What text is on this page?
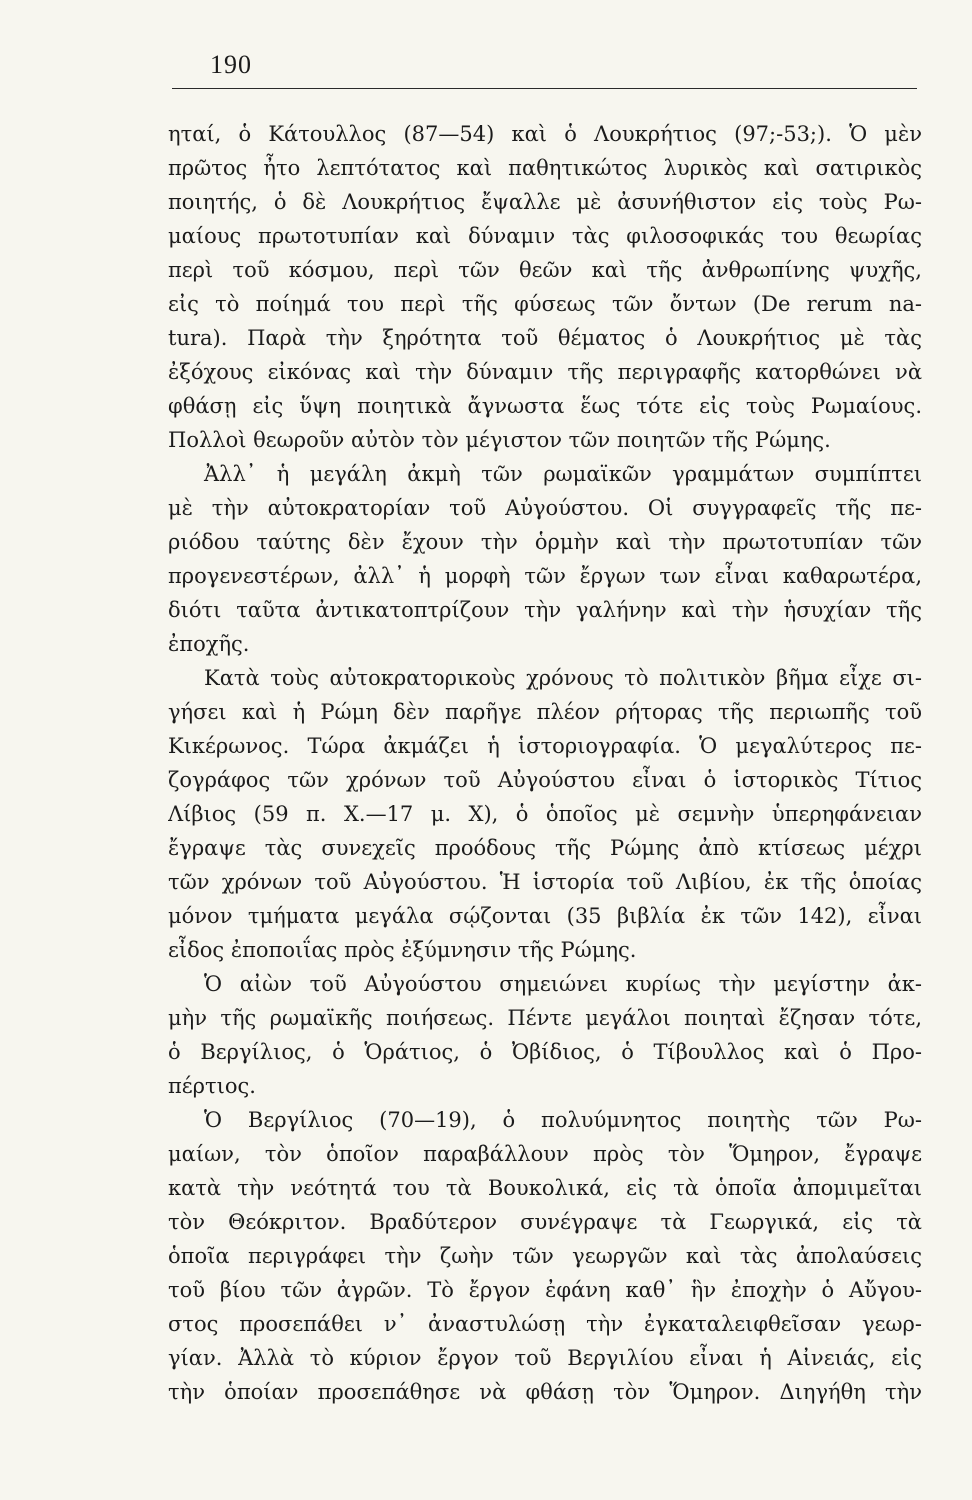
190
ηταί, ὁ Κάτουλλος (87—54) καὶ ὁ Λουκρήτιος (97;-53;). Ὁ μὲν
πρῶτος ἦτο λεπτότατος καὶ παθητικώτος λυρικὸς καὶ σατιρικὸς
ποιητής, ὁ δὲ Λουκρήτιος ἔψαλλε μὲ ἀσυνήθιστον εἰς τοὺς Ρω-
μαίους πρωτοτυπίαν καὶ δύναμιν τὰς φιλοσοφικάς του θεωρίας
περὶ τοῦ κόσμου, περὶ τῶν θεῶν καὶ τῆς ἀνθρωπίνης ψυχῆς,
εἰς τὸ ποίημά του περὶ τῆς φύσεως τῶν ὄντων (De rerum na-
tura). Παρὰ τὴν ξηρότητα τοῦ θέματος ὁ Λουκρήτιος μὲ τὰς
ἐξόχους εἰκόνας καὶ τὴν δύναμιν τῆς περιγραφῆς κατορθώνει νὰ
φθάσῃ εἰς ὕψη ποιητικὰ ἄγνωστα ἕως τότε εἰς τοὺς Ρωμαίους.
Πολλοὶ θεωροῦν αὐτὸν τὸν μέγιστον τῶν ποιητῶν τῆς Ρώμης.
Ἀλλ᾽ ἡ μεγάλη ἀκμὴ τῶν ρωμαϊκῶν γραμμάτων συμπίπτει
μὲ τὴν αὐτοκρατορίαν τοῦ Αὐγούστου. Οἱ συγγραφεῖς τῆς πε-
ριόδου ταύτης δὲν ἔχουν τὴν ὁρμὴν καὶ τὴν πρωτοτυπίαν τῶν
προγενεστέρων, ἀλλ᾽ ἡ μορφὴ τῶν ἔργων των εἶναι καθαρωτέρα,
διότι ταῦτα ἀντικατοπτρίζουν τὴν γαλήνην καὶ τὴν ἡσυχίαν τῆς
ἐποχῆς.
Κατὰ τοὺς αὐτοκρατορικοὺς χρόνους τὸ πολιτικὸν βῆμα εἶχε σι-
γήσει καὶ ἡ Ρώμη δὲν παρῆγε πλέον ρήτορας τῆς περιωπῆς τοῦ
Κικέρωνος. Τώρα ἀκμάζει ἡ ἱστοριογραφία. Ὁ μεγαλύτερος πε-
ζογράφος τῶν χρόνων τοῦ Αὐγούστου εἶναι ὁ ἱστορικὸς Τίτιος
Λίβιος (59 π. Χ.—17 μ. Χ), ὁ ὁποῖος μὲ σεμνὴν ὑπερηφάνειαν
ἔγραψε τὰς συνεχεῖς προόδους τῆς Ρώμης ἀπὸ κτίσεως μέχρι
τῶν χρόνων τοῦ Αὐγούστου. Ἡ ἱστορία τοῦ Λιβίου, ἐκ τῆς ὁποίας
μόνον τμήματα μεγάλα σῴζονται (35 βιβλία ἐκ τῶν 142), εἶναι
εἶδος ἐποποιΐας πρὸς ἐξύμνησιν τῆς Ρώμης.
Ὁ αἰὼν τοῦ Αὐγούστου σημειώνει κυρίως τὴν μεγίστην ἀκ-
μὴν τῆς ρωμαϊκῆς ποιήσεως. Πέντε μεγάλοι ποιηταὶ ἔζησαν τότε,
ὁ Βεργίλιος, ὁ Ὁράτιος, ὁ Ὀβίδιος, ὁ Τίβουλλος καὶ ὁ Προ-
πέρτιος.
Ὁ Βεργίλιος (70—19), ὁ πολυύμνητος ποιητὴς τῶν Ρω-
μαίων, τὸν ὁποῖον παραβάλλουν πρὸς τὸν Ὅμηρον, ἔγραψε
κατὰ τὴν νεότητά του τὰ Βουκολικά, εἰς τὰ ὁποῖα ἀπομιμεῖται
τὸν Θεόκριτον. Βραδύτερον συνέγραψε τὰ Γεωργικά, εἰς τὰ
ὁποῖα περιγράφει τὴν ζωὴν τῶν γεωργῶν καὶ τὰς ἀπολαύσεις
τοῦ βίου τῶν ἀγρῶν. Τὸ ἔργον ἐφάνη καθ᾽ ἣν ἐποχὴν ὁ Αὔγου-
στος προσεπάθει ν᾽ ἀναστυλώσῃ τὴν ἐγκαταλειφθεῖσαν γεωρ-
γίαν. Ἀλλὰ τὸ κύριον ἔργον τοῦ Βεργιλίου εἶναι ἡ Αἰνειάς, εἰς
τὴν ὁποίαν προσεπάθησε νὰ φθάσῃ τὸν Ὅμηρον. Διηγήθη τὴν
